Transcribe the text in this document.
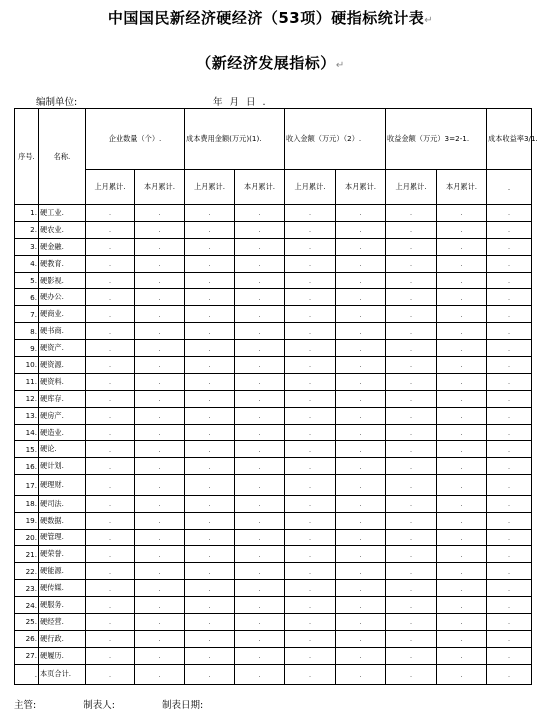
中国国民新经济硬经济（53项）硬指标统计表↵
（新经济发展指标）↵
编制单位:	年 月 日 .
序号.	名称.	企业数量（个）.		成本费用金额(万元)(1).		收入金额（万元）（2）.		收益金额（万元）3=2-1.		成本收益率3/1.
		上月累计.	本月累计.	上月累计.	本月累计.	上月累计.	本月累计.	上月累计.	本月累计.	.
1.	硬工业.	.	.	.	.	.	.	.	.	.
2.	硬农业.	.	.	.	.	.	.	.	.	.
3.	硬金融.	.	.	.	.	.	.	.	.	.
4.	硬教育.	.	.	.	.	.	.	.	.	.
5.	硬影视.	.	.	.	.	.	.	.	.	.
6.	硬办公.	.	.	.	.	.	.	.	.	.
7.	硬商业.	.	.	.	.	.	.	.	.	.
8.	硬书商.	.	.	.	.	.	.	.	.	.
9.	硬资产.	.	.	.	.	.	.	.	.	.
10.	硬资源.	.	.	.	.	.	.	.	.	.
11.	硬资料.	.	.	.	.	.	.	.	.	.
12.	硬库存.	.	.	.	.	.	.	.	.	.
13.	硬房产.	.	.	.	.	.	.	.	.	.
14.	硬造业.	.	.	.	.	.	.	.	.	.
15.	硬论.	.	.	.	.	.	.	.	.	.
16.	硬计划.	.	.	.	.	.	.	.	.	.
17.	硬理财.	.	.	.	.	.	.	.	.	.
18.	硬司法.	.	.	.	.	.	.	.	.	.
19.	硬数据.	.	.	.	.	.	.	.	.	.
20.	硬管理.	.	.	.	.	.	.	.	.	.
21.	硬荣誉.	.	.	.	.	.	.	.	.	.
22.	硬能源.	.	.	.	.	.	.	.	.	.
23.	硬传媒.	.	.	.	.	.	.	.	.	.
24.	硬服务.	.	.	.	.	.	.	.	.	.
25.	硬经营.	.	.	.	.	.	.	.	.	.
26.	硬行政.	.	.	.	.	.	.	.	.	.
27.	硬履历.	.	.	.	.	.	.	.	.	.
.	本页合计.	.	.	.	.	.	.	.	.	.
主管:	制表人:	制表日期:
